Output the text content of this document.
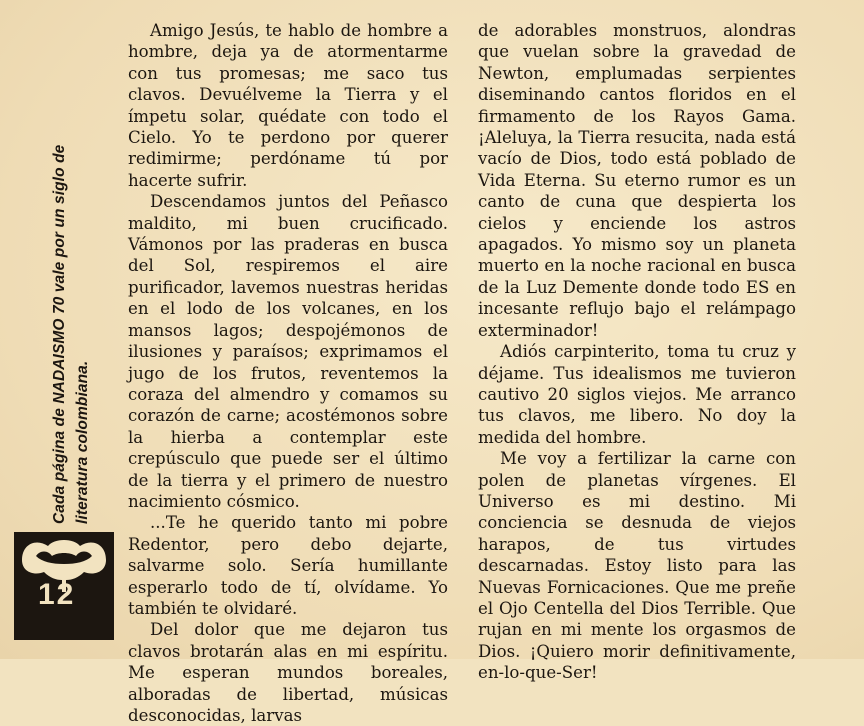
Cada página de NADAISMO 70 vale por un siglo de literatura colombiana.
12

Amigo Jesús, te hablo de hombre a hombre, deja ya de atormentarme con tus promesas; me saco tus clavos. Devuélveme la Tierra y el ímpetu solar, quédate con todo el Cielo. Yo te perdono por querer redimirme; perdóname tú por hacerte sufrir.

Descendamos juntos del Peñasco maldito, mi buen crucificado. Vámonos por las praderas en busca del Sol, respiremos el aire purificador, lavemos nuestras heridas en el lodo de los volcanes, en los mansos lagos; despojémonos de ilusiones y paraísos; exprimamos el jugo de los frutos, reventemos la coraza del almendro y comamos su corazón de carne; acostémonos sobre la hierba a contemplar este crepúsculo que puede ser el último de la tierra y el primero de nuestro nacimiento cósmico.

...Te he querido tanto mi pobre Redentor, pero debo dejarte, salvarme solo. Sería humillante esperarlo todo de tí, olvídame. Yo también te olvidaré.

Del dolor que me dejaron tus clavos brotarán alas en mi espíritu. Me esperan mundos boreales, alboradas de libertad, músicas desconocidas, larvas

de adorables monstruos, alondras que vuelan sobre la gravedad de Newton, emplumadas serpientes diseminando cantos floridos en el firmamento de los Rayos Gama. ¡Aleluya, la Tierra resucita, nada está vacío de Dios, todo está poblado de Vida Eterna. Su eterno rumor es un canto de cuna que despierta los cielos y enciende los astros apagados. Yo mismo soy un planeta muerto en la noche racional en busca de la Luz Demente donde todo ES en incesante reflujo bajo el relámpago exterminador!

Adiós carpinterito, toma tu cruz y déjame. Tus idealismos me tuvieron cautivo 20 siglos viejos. Me arranco tus clavos, me libero. No doy la medida del hombre.

Me voy a fertilizar la carne con polen de planetas vírgenes. El Universo es mi destino. Mi conciencia se desnuda de viejos harapos, de tus virtudes descarnadas. Estoy listo para las Nuevas Fornicaciones. Que me preñe el Ojo Centella del Dios Terrible. Que rujan en mi mente los orgasmos de Dios. ¡Quiero morir definitivamente, en-lo-que-Ser!
